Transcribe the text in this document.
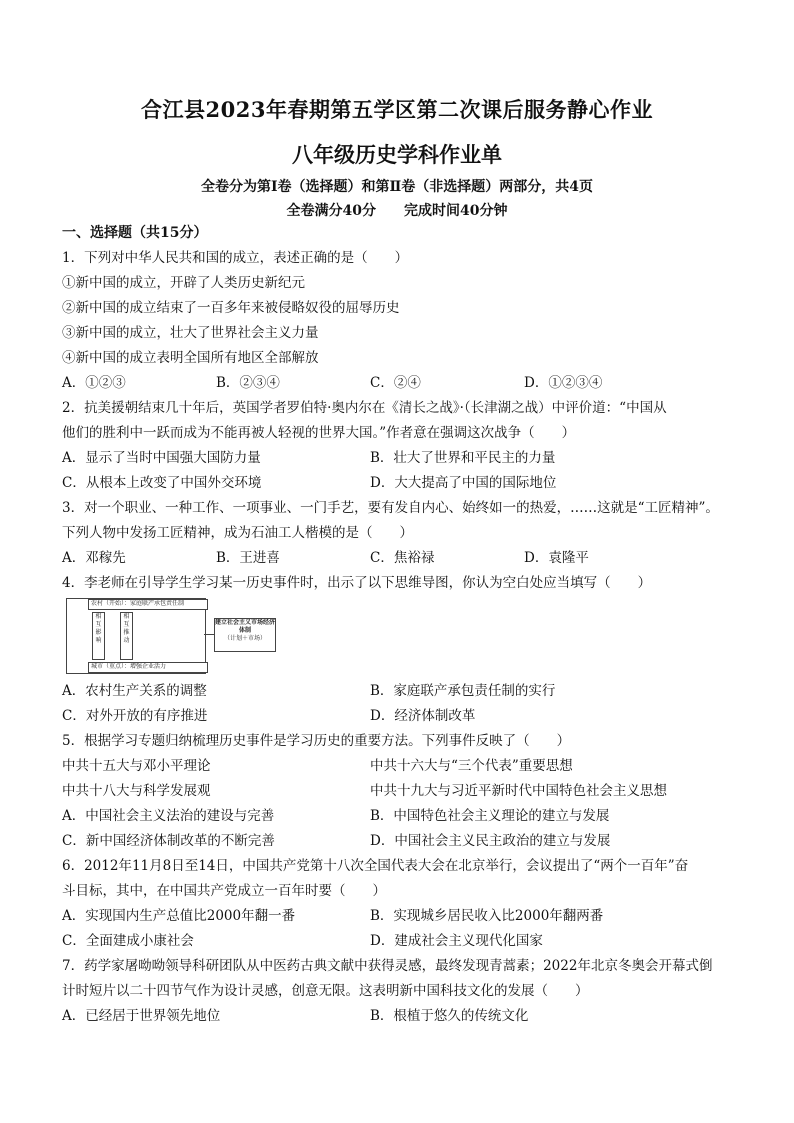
合江县2023年春期第五学区第二次课后服务静心作业
八年级历史学科作业单
全卷分为第Ⅰ卷（选择题）和第Ⅱ卷（非选择题）两部分，共4页
全卷满分40分　　完成时间40分钟
一、选择题（共15分）
1．下列对中华人民共和国的成立，表述正确的是（　　）
①新中国的成立，开辟了人类历史新纪元
②新中国的成立结束了一百多年来被侵略奴役的屈辱历史
③新中国的成立，壮大了世界社会主义力量
④新中国的成立表明全国所有地区全部解放
A．①②③	B．②③④	C．②④	D．①②③④
2．抗美援朝结束几十年后，英国学者罗伯特·奥内尔在《清长之战》·（长津湖之战）中评价道：“中国从
他们的胜利中一跃而成为不能再被人轻视的世界大国。”作者意在强调这次战争（　　）
A．显示了当时中国强大国防力量	B．壮大了世界和平民主的力量
C．从根本上改变了中国外交环境	D．大大提高了中国的国际地位
3．对一个职业、一种工作、一项事业、一门手艺，要有发自内心、始终如一的热爱，……这就是“工匠精神”。
下列人物中发扬工匠精神，成为石油工人楷模的是（　　）
A．邓稼先	B．王进喜	C．焦裕禄	D．袁隆平
4．李老师在引导学生学习某一历史事件时，出示了以下思维导图，你认为空白处应当填写（　　）
农村（开始）：家庭联产承包责任制
城市（重点）：增强企业活力
相互影响
相互推动
建立社会主义市场经济体制
（计划＋市场）
A．农村生产关系的调整	B．家庭联产承包责任制的实行
C．对外开放的有序推进	D．经济体制改革
5．根据学习专题归纳梳理历史事件是学习历史的重要方法。下列事件反映了（　　）
中共十五大与邓小平理论	中共十六大与“三个代表”重要思想
中共十八大与科学发展观	中共十九大与习近平新时代中国特色社会主义思想
A．中国社会主义法治的建设与完善	B．中国特色社会主义理论的建立与发展
C．新中国经济体制改革的不断完善	D．中国社会主义民主政治的建立与发展
6．2012年11月8日至14日，中国共产党第十八次全国代表大会在北京举行，会议提出了“两个一百年”奋
斗目标，其中，在中国共产党成立一百年时要（　　）
A．实现国内生产总值比2000年翻一番	B．实现城乡居民收入比2000年翻两番
C．全面建成小康社会	D．建成社会主义现代化国家
7．药学家屠呦呦领导科研团队从中医药古典文献中获得灵感，最终发现青蒿素；2022年北京冬奥会开幕式倒
计时短片以二十四节气作为设计灵感，创意无限。这表明新中国科技文化的发展（　　）
A．已经居于世界领先地位	B．根植于悠久的传统文化
